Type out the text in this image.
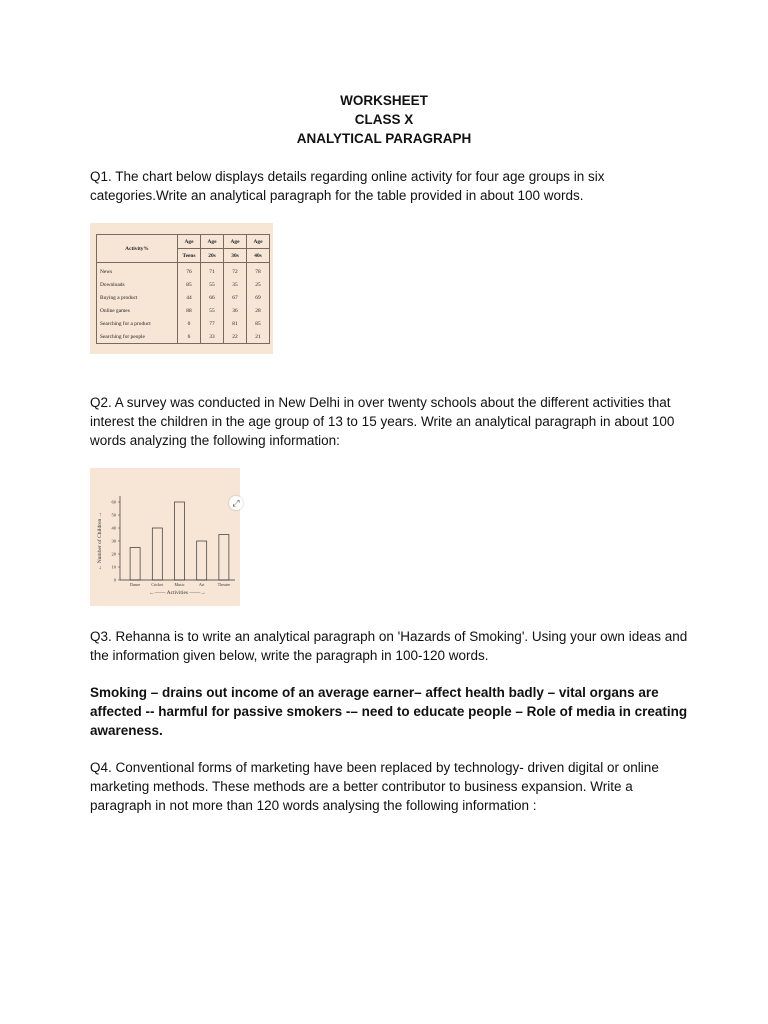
WORKSHEET
CLASS X
ANALYTICAL PARAGRAPH

Q1. The chart below displays details regarding online activity for four age groups in six categories.Write an analytical paragraph for the table provided in about 100 words.

Activity%	Age	Age	Age	Age
	Teens	20s	30s	40s
News	76	71	72	78
Downloads	85	55	35	25
Buying a product	44	66	67	69
Online games	88	55	36	28
Searching for a product	0	77	81	85
Searching for people	6	33	22	21

Q2. A survey was conducted in New Delhi in over twenty schools about the different activities that interest the children in the age group of 13 to 15 years. Write an analytical paragraph in about 100 words analyzing the following information:

0
10
20
30
40
50
60
Dance	Cricket	Music	Art	Theatre
←—— Activities ——→
← Number of Children →
⤢

Q3. Rehanna is to write an analytical paragraph on 'Hazards of Smoking'. Using your own ideas and the information given below, write the paragraph in 100-120 words.

Smoking – drains out income of an average earner– affect health badly – vital organs are affected -- harmful for passive smokers -– need to educate people – Role of media in creating awareness.

Q4. Conventional forms of marketing have been replaced by technology- driven digital or online marketing methods. These methods are a better contributor to business expansion. Write a paragraph in not more than 120 words analysing the following information :
